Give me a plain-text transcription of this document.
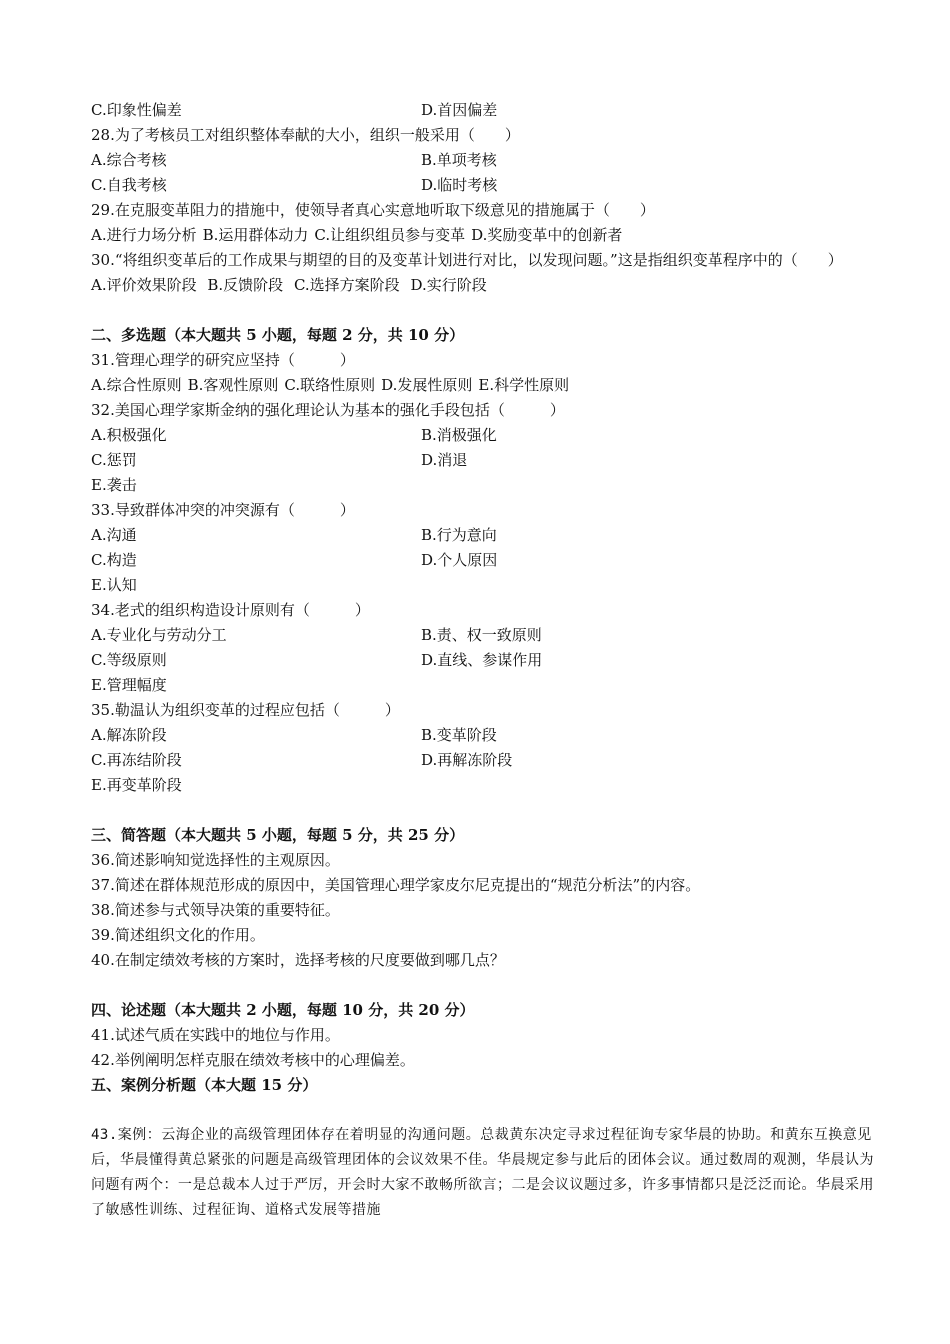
C.印象性偏差	D.首因偏差
28.为了考核员工对组织整体奉献的大小，组织一般采用（　　）
A.综合考核	B.单项考核
C.自我考核	D.临时考核
29.在克服变革阻力的措施中，使领导者真心实意地听取下级意见的措施属于（　　）
A.进行力场分析 B.运用群体动力 C.让组织组员参与变革 D.奖励变革中的创新者
30.“将组织变革后的工作成果与期望的目的及变革计划进行对比，以发现问题。”这是指组织变革程序中的（　　）
A.评价效果阶段 B.反馈阶段 C.选择方案阶段 D.实行阶段
二、多选题（本大题共 5 小题，每题 2 分，共 10 分）
31.管理心理学的研究应坚持（　　　）
A.综合性原则 B.客观性原则 C.联络性原则 D.发展性原则 E.科学性原则
32.美国心理学家斯金纳的强化理论认为基本的强化手段包括（　　　）
A.积极强化	B.消极强化
C.惩罚	D.消退
E.袭击
33.导致群体冲突的冲突源有（　　　）
A.沟通	B.行为意向
C.构造	D.个人原因
E.认知
34.老式的组织构造设计原则有（　　　）
A.专业化与劳动分工	B.责、权一致原则
C.等级原则	D.直线、参谋作用
E.管理幅度
35.勒温认为组织变革的过程应包括（　　　）
A.解冻阶段	B.变革阶段
C.再冻结阶段	D.再解冻阶段
E.再变革阶段
三、简答题（本大题共 5 小题，每题 5 分，共 25 分）
36.简述影响知觉选择性的主观原因。
37.简述在群体规范形成的原因中，美国管理心理学家皮尔尼克提出的“规范分析法”的内容。
38.简述参与式领导决策的重要特征。
39.简述组织文化的作用。
40.在制定绩效考核的方案时，选择考核的尺度要做到哪几点？
四、论述题（本大题共 2 小题，每题 10 分，共 20 分）
41.试述气质在实践中的地位与作用。
42.举例阐明怎样克服在绩效考核中的心理偏差。
五、案例分析题（本大题 15 分）
43.案例：云海企业的高级管理团体存在着明显的沟通问题。总裁黄东决定寻求过程征询专家华晨的协助。和黄东互换意见后，华晨懂得黄总紧张的问题是高级管理团体的会议效果不佳。华晨规定参与此后的团体会议。通过数周的观测，华晨认为问题有两个：一是总裁本人过于严厉，开会时大家不敢畅所欲言；二是会议议题过多，许多事情都只是泛泛而论。华晨采用了敏感性训练、过程征询、道格式发展等措施
